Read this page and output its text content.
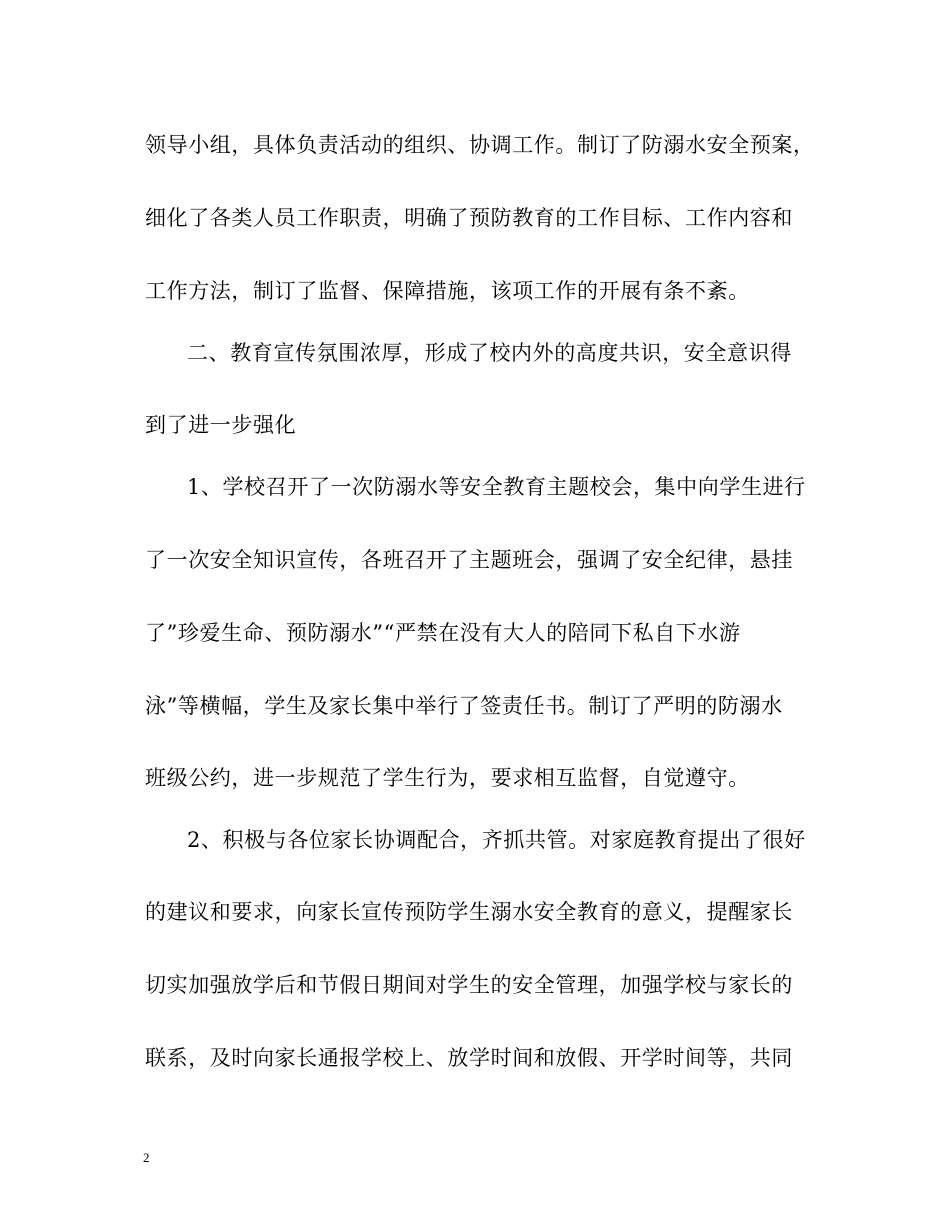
领导小组，具体负责活动的组织、协调工作。制订了防溺水安全预案，
细化了各类人员工作职责，明确了预防教育的工作目标、工作内容和
工作方法，制订了监督、保障措施，该项工作的开展有条不紊。
二、教育宣传氛围浓厚，形成了校内外的高度共识，安全意识得
到了进一步强化
1、学校召开了一次防溺水等安全教育主题校会，集中向学生进行
了一次安全知识宣传，各班召开了主题班会，强调了安全纪律，悬挂
了”珍爱生命、预防溺水”“严禁在没有大人的陪同下私自下水游
泳”等横幅，学生及家长集中举行了签责任书。制订了严明的防溺水
班级公约，进一步规范了学生行为，要求相互监督，自觉遵守。
2、积极与各位家长协调配合，齐抓共管。对家庭教育提出了很好
的建议和要求，向家长宣传预防学生溺水安全教育的意义，提醒家长
切实加强放学后和节假日期间对学生的安全管理，加强学校与家长的
联系，及时向家长通报学校上、放学时间和放假、开学时间等，共同
2
